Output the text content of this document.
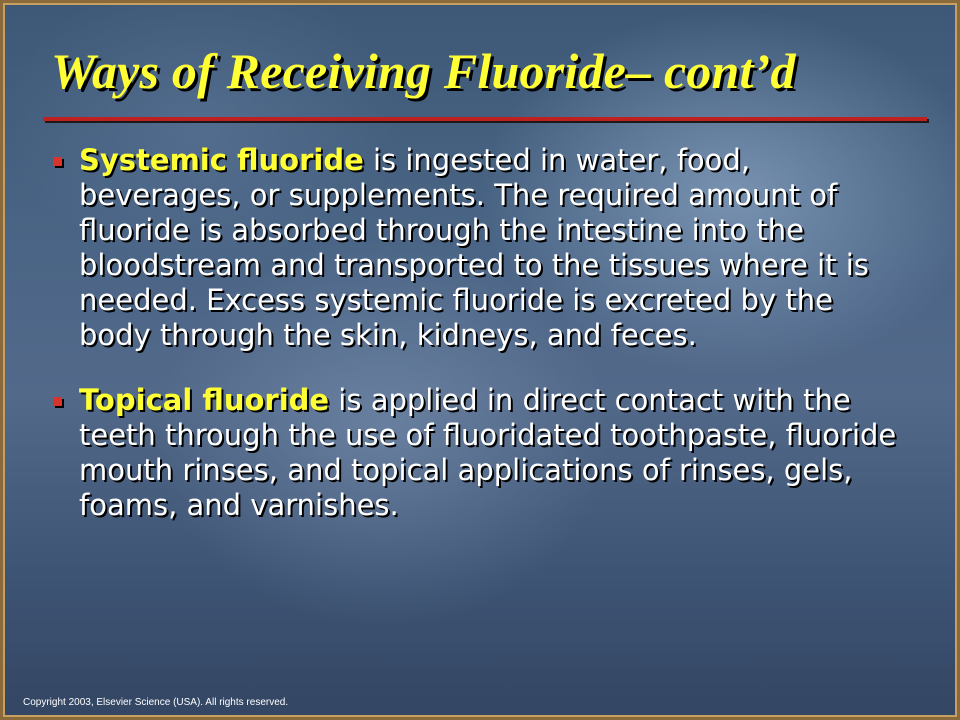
Ways of Receiving Fluoride– cont’d
Systemic fluoride is ingested in water, food, beverages, or supplements. The required amount of fluoride is absorbed through the intestine into the bloodstream and transported to the tissues where it is needed. Excess systemic fluoride is excreted by the body through the skin, kidneys, and feces.
Topical fluoride is applied in direct contact with the teeth through the use of fluoridated toothpaste, fluoride mouth rinses, and topical applications of rinses, gels, foams, and varnishes.
Copyright 2003, Elsevier Science (USA). All rights reserved.
